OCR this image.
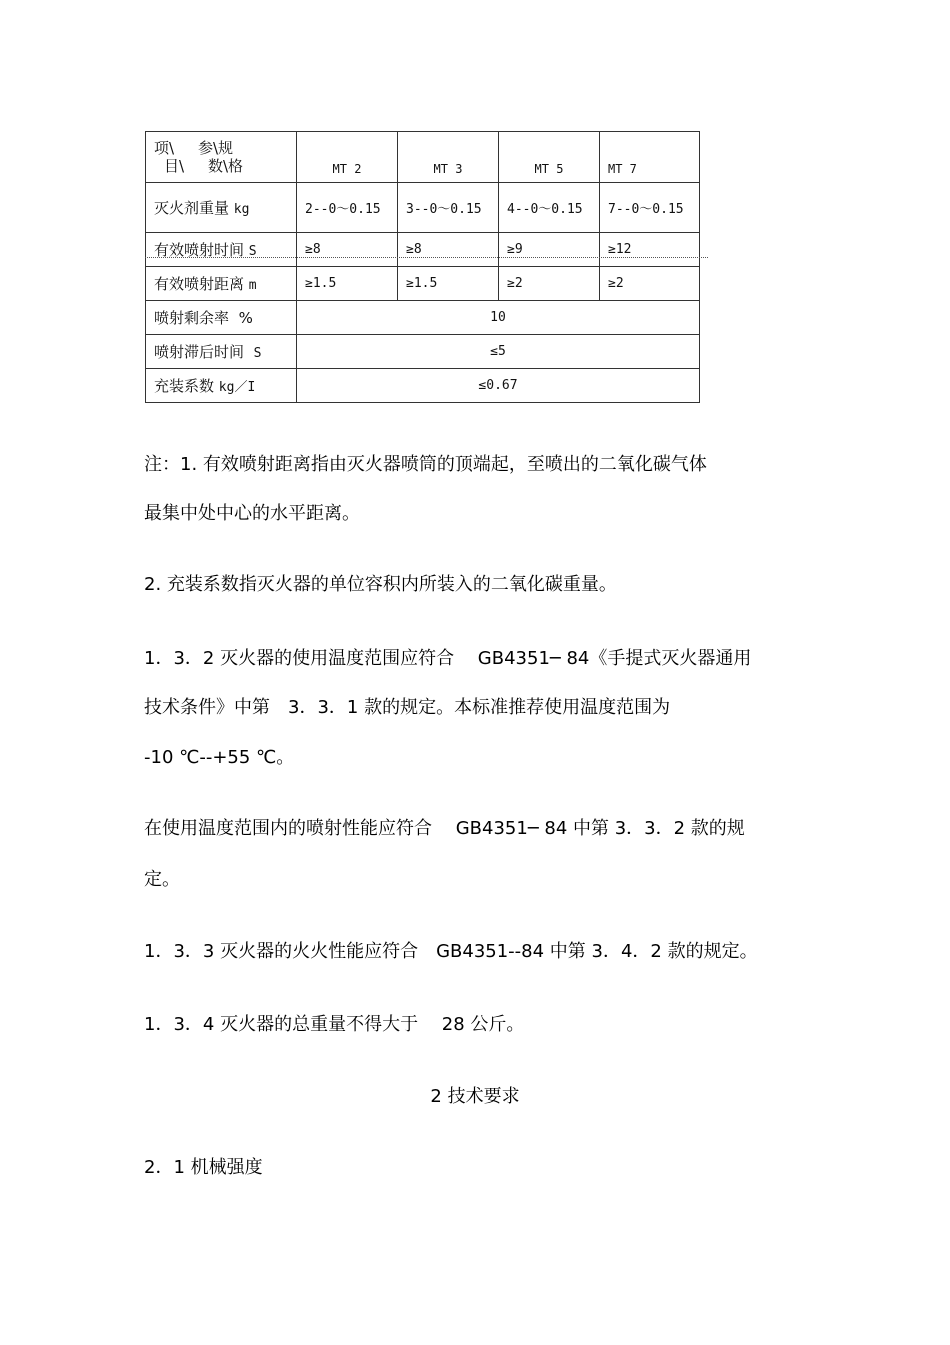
项\ 参\规
目\ 数\格	MT 2	MT 3	MT 5	MT 7
灭火剂重量 kg	2--0～0.15	3--0～0.15	4--0～0.15	7--0～0.15
有效喷射时间 S	≥8	≥8	≥9	≥12
有效喷射距离 m	≥1.5	≥1.5	≥2	≥2
喷射剩余率 %	10			
喷射滞后时间 S	≤5			
充装系数 kg／I	≤0.67			

注：1. 有效喷射距离指由灭火器喷筒的顶端起，至喷出的二氧化碳气体

最集中处中心的水平距离。

2. 充装系数指灭火器的单位容积内所装入的二氧化碳重量。

1．3．2 灭火器的使用温度范围应符合　 GB4351─ 84《手提式灭火器通用

技术条件》中第　3．3．1 款的规定。本标准推荐使用温度范围为

-10 ℃--+55 ℃。

在使用温度范围内的喷射性能应符合　 GB4351─ 84 中第 3．3．2 款的规

定。

1．3．3 灭火器的火火性能应符合　GB4351--84 中第 3．4．2 款的规定。

1．3．4 灭火器的总重量不得大于　 28 公斤。

2 技术要求

2．1 机械强度
